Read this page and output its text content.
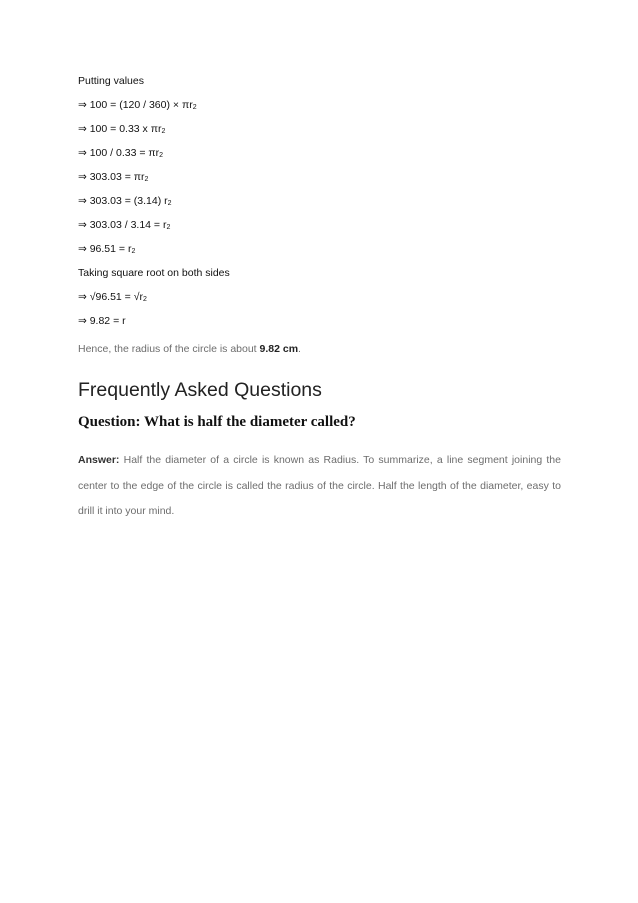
Putting values
⇒ $100 = (120 / 360) \times \pi r^2$
⇒ 100 = 0.33 x $\pi r^2$
⇒ $100 / 0.33 = \pi r^2$
⇒ $303.03 = \pi r^2$
⇒ 303.03 = (3.14) $r^2$
⇒ $303.03 / 3.14 = r^2$
⇒ $96.51 = r^2$
Taking square root on both sides
⇒ $√96.51 = √r^2$
⇒ 9.82 = r

Hence, the radius of the circle is about 9.82 cm.

Frequently Asked Questions
Question: What is half the diameter called?

Answer: Half the diameter of a circle is known as Radius. To summarize, a line segment joining the center to the edge of the circle is called the radius of the circle. Half the length of the diameter, easy to drill it into your mind.
